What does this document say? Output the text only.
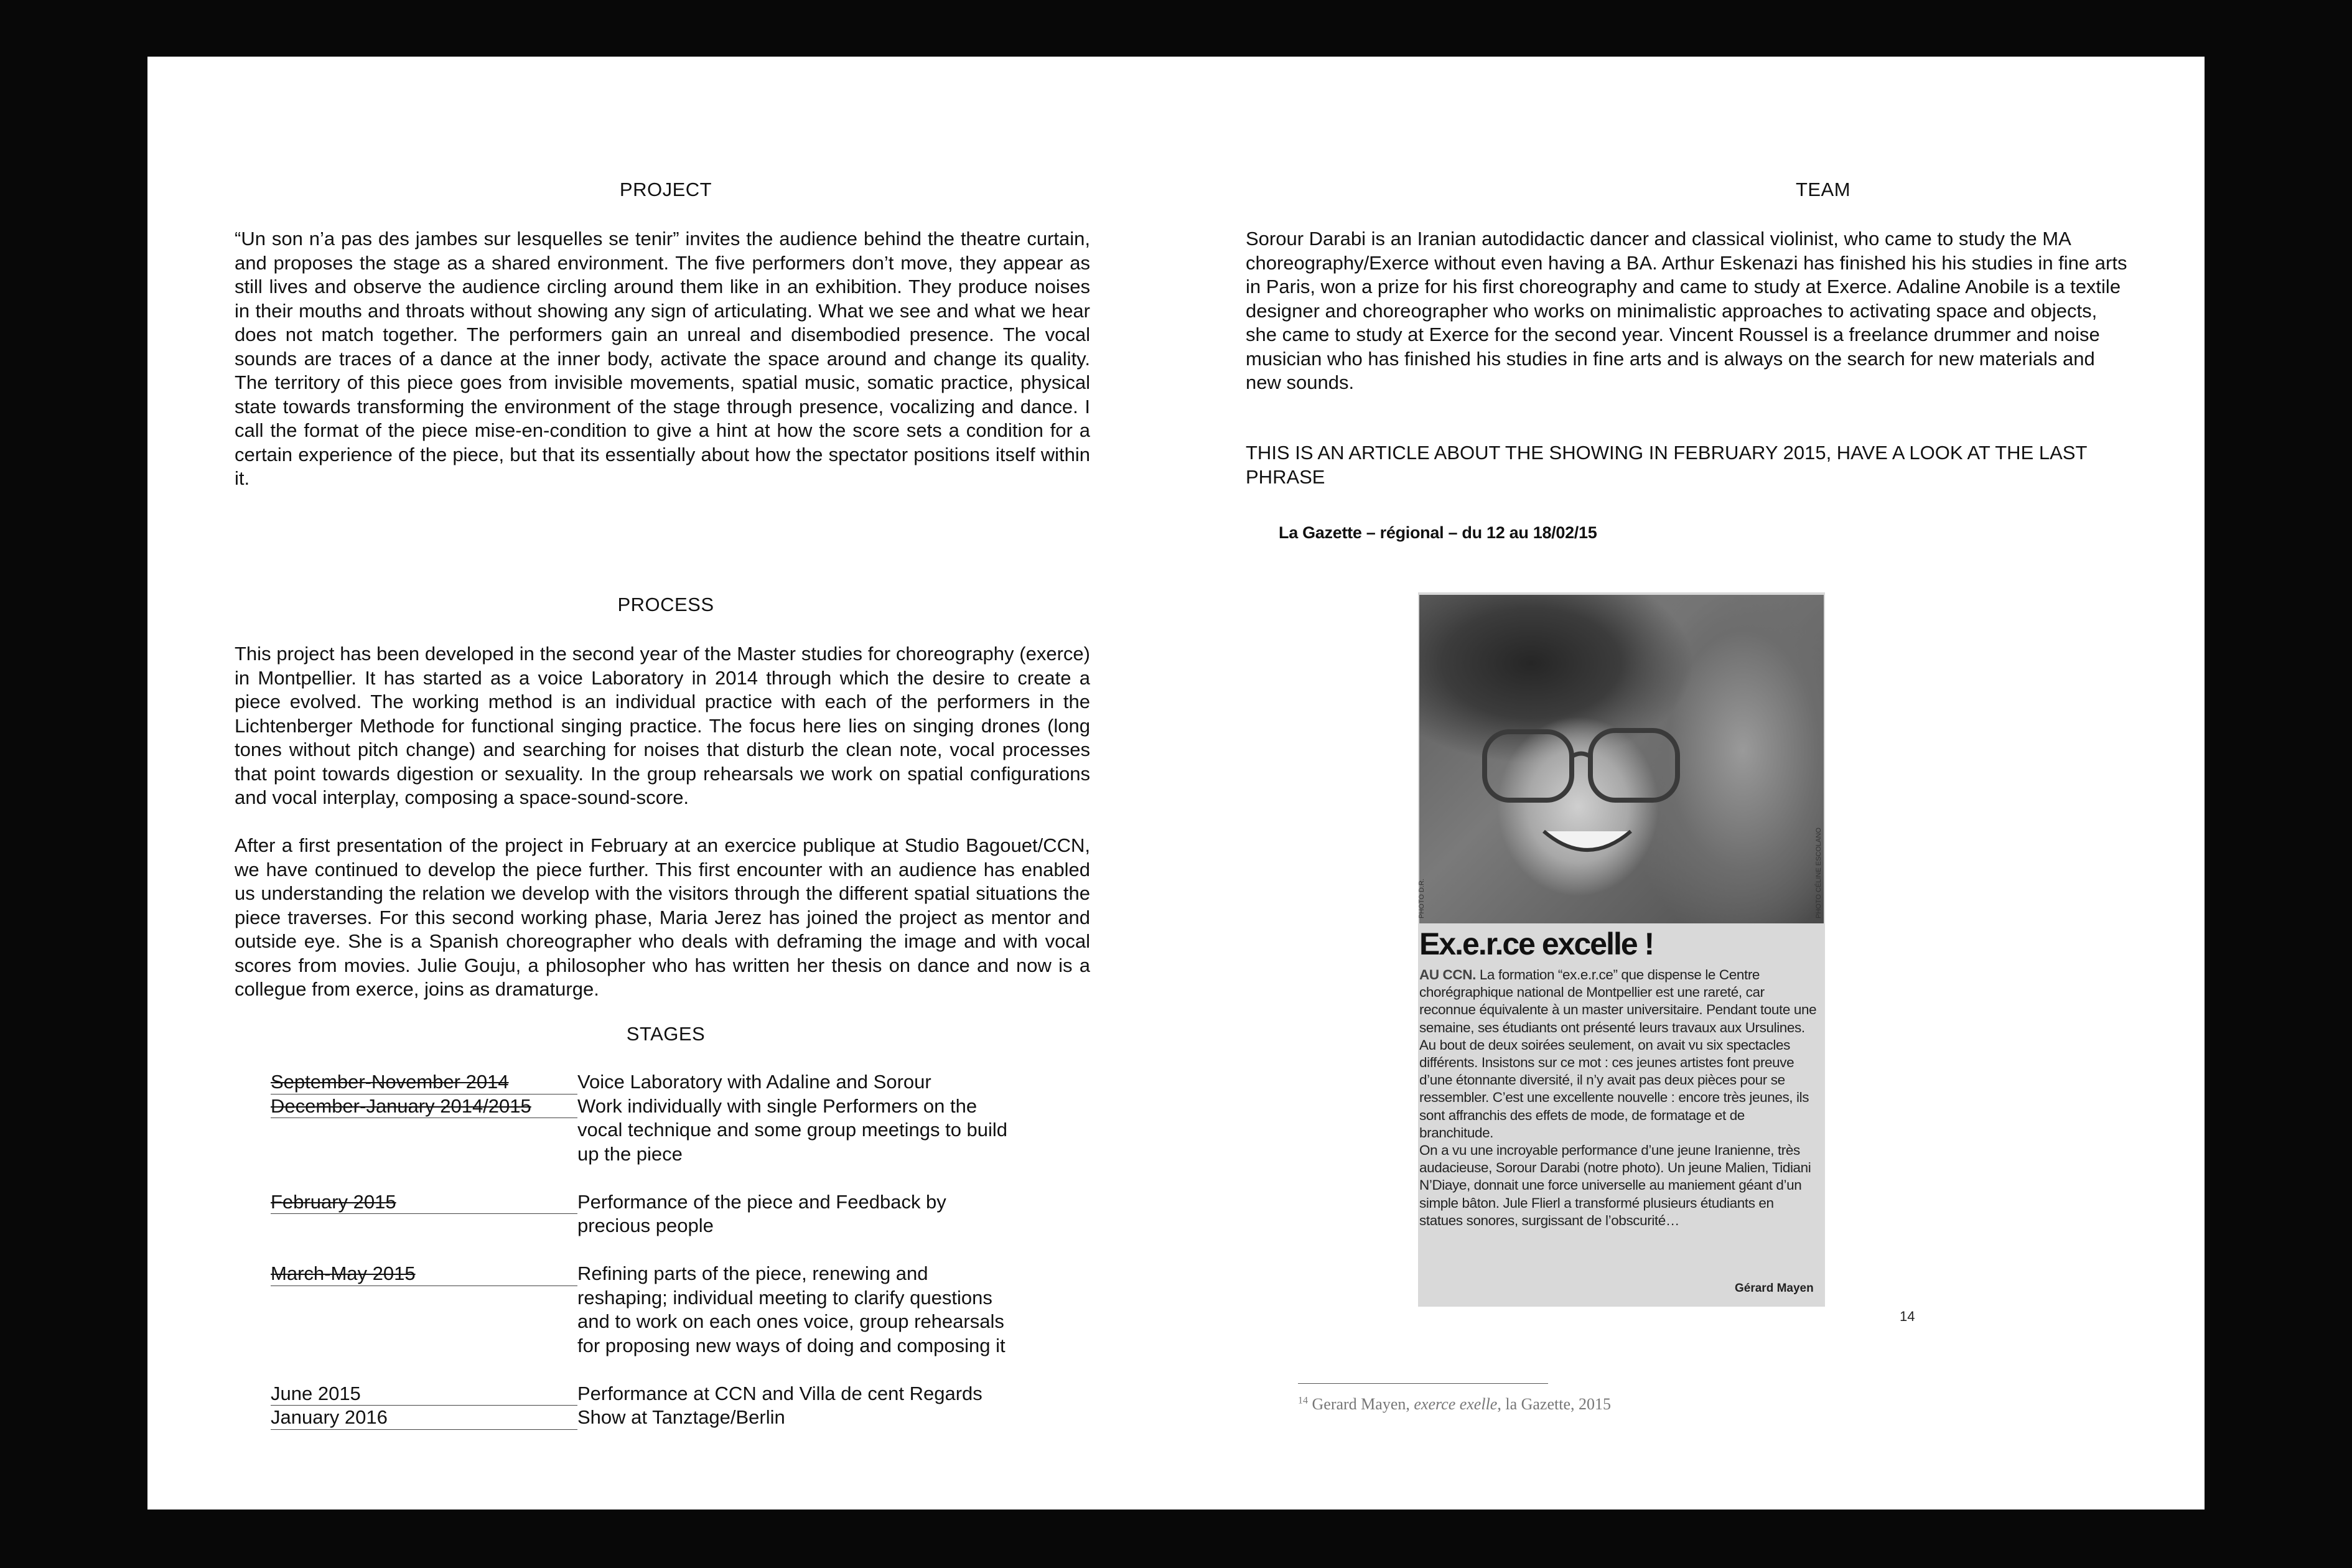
PROJECT

“Un son n’a pas des jambes sur lesquelles se tenir” invites the audience behind the theatre curtain, and proposes the stage as a shared environment. The five performers don’t move, they appear as still lives and observe the audience circling around them like in an exhibition. They produce noises in their mouths and throats without showing any sign of articulating. What we see and what we hear does not match together. The performers gain an unreal and disembodied presence. The vocal sounds are traces of a dance at the inner body, activate the space around and change its quality. The territory of this piece goes from invisible movements, spatial music, somatic practice, physical state towards transforming the environment of the stage through presence, vocalizing and dance. I call the format of the piece mise-en-condition to give a hint at how the score sets a condition for a certain experience of the piece, but that its essentially about how the spectator positions itself within it.

PROCESS

This project has been developed in the second year of the Master studies for choreography (exerce) in Montpellier. It has started as a voice Laboratory in 2014 through which the desire to create a piece evolved. The working method is an individual practice with each of the performers in the Lichtenberger Methode for functional singing practice. The focus here lies on singing drones (long tones without pitch change) and searching for noises that disturb the clean note, vocal processes that point towards digestion or sexuality. In the group rehearsals we work on spatial configurations and vocal interplay, composing a space-sound-score.

After a first presentation of the project in February at an exercice publique at Studio Bagouet/CCN, we have continued to develop the piece further. This first encounter with an audience has enabled us understanding the relation we develop with the visitors through the different spatial situations the piece traverses. For this second working phase, Maria Jerez has joined the project as mentor and outside eye. She is a Spanish choreographer who deals with deframing the image and with vocal scores from movies. Julie Gouju, a philosopher who has written her thesis on dance and now is a collegue from exerce, joins as dramaturge.

STAGES
September-November 2014	Voice Laboratory with Adaline and Sorour
December-January 2014/2015	Work individually with single Performers on the
vocal technique and some group meetings to build
up the piece
February 2015	Performance of the piece and Feedback by
precious people
March-May 2015	Refining parts of the piece, renewing and
reshaping; individual meeting to clarify questions
and to work on each ones voice, group rehearsals
for proposing new ways of doing and composing it
June 2015	Performance at CCN and Villa de cent Regards
January 2016	Show at Tanztage/Berlin
TEAM

Sorour Darabi is an Iranian autodidactic dancer and classical violinist, who came to study the MA choreography/Exerce without even having a BA. Arthur Eskenazi has finished his his studies in fine arts in Paris, won a prize for his first choreography and came to study at Exerce. Adaline Anobile is a textile designer and choreographer who works on minimalistic approaches to activating space and objects, she came to study at Exerce for the second year. Vincent Roussel is a freelance drummer and noise musician who has finished his studies in fine arts and is always on the search for new materials and new sounds.

THIS IS AN ARTICLE ABOUT THE SHOWING IN FEBRUARY 2015, HAVE A LOOK AT THE LAST PHRASE

La Gazette – régional – du 12 au 18/02/15
PHOTO D.R.	PHOTO CÉLINE ESCOLANO
Ex.e.r.ce excelle !
AU CCN. La formation “ex.e.r.ce” que dispense le Centre chorégraphique national de Montpellier est une rareté, car reconnue équivalente à un master universitaire. Pendant toute une semaine, ses étudiants ont présenté leurs travaux aux Ursulines. Au bout de deux soirées seulement, on avait vu six spectacles différents. Insistons sur ce mot : ces jeunes artistes font preuve d’une étonnante diversité, il n’y avait pas deux pièces pour se ressembler. C’est une excellente nouvelle : encore très jeunes, ils sont affranchis des effets de mode, de formatage et de branchitude.
On a vu une incroyable performance d’une jeune Iranienne, très audacieuse, Sorour Darabi (notre photo). Un jeune Malien, Tidiani N’Diaye, donnait une force universelle au maniement géant d’un simple bâton. Jule Flierl a transformé plusieurs étudiants en statues sonores, surgissant de l’obscurité…
Gérard Mayen
14
$^{14}$ Gerard Mayen, exerce exelle, la Gazette, 2015
